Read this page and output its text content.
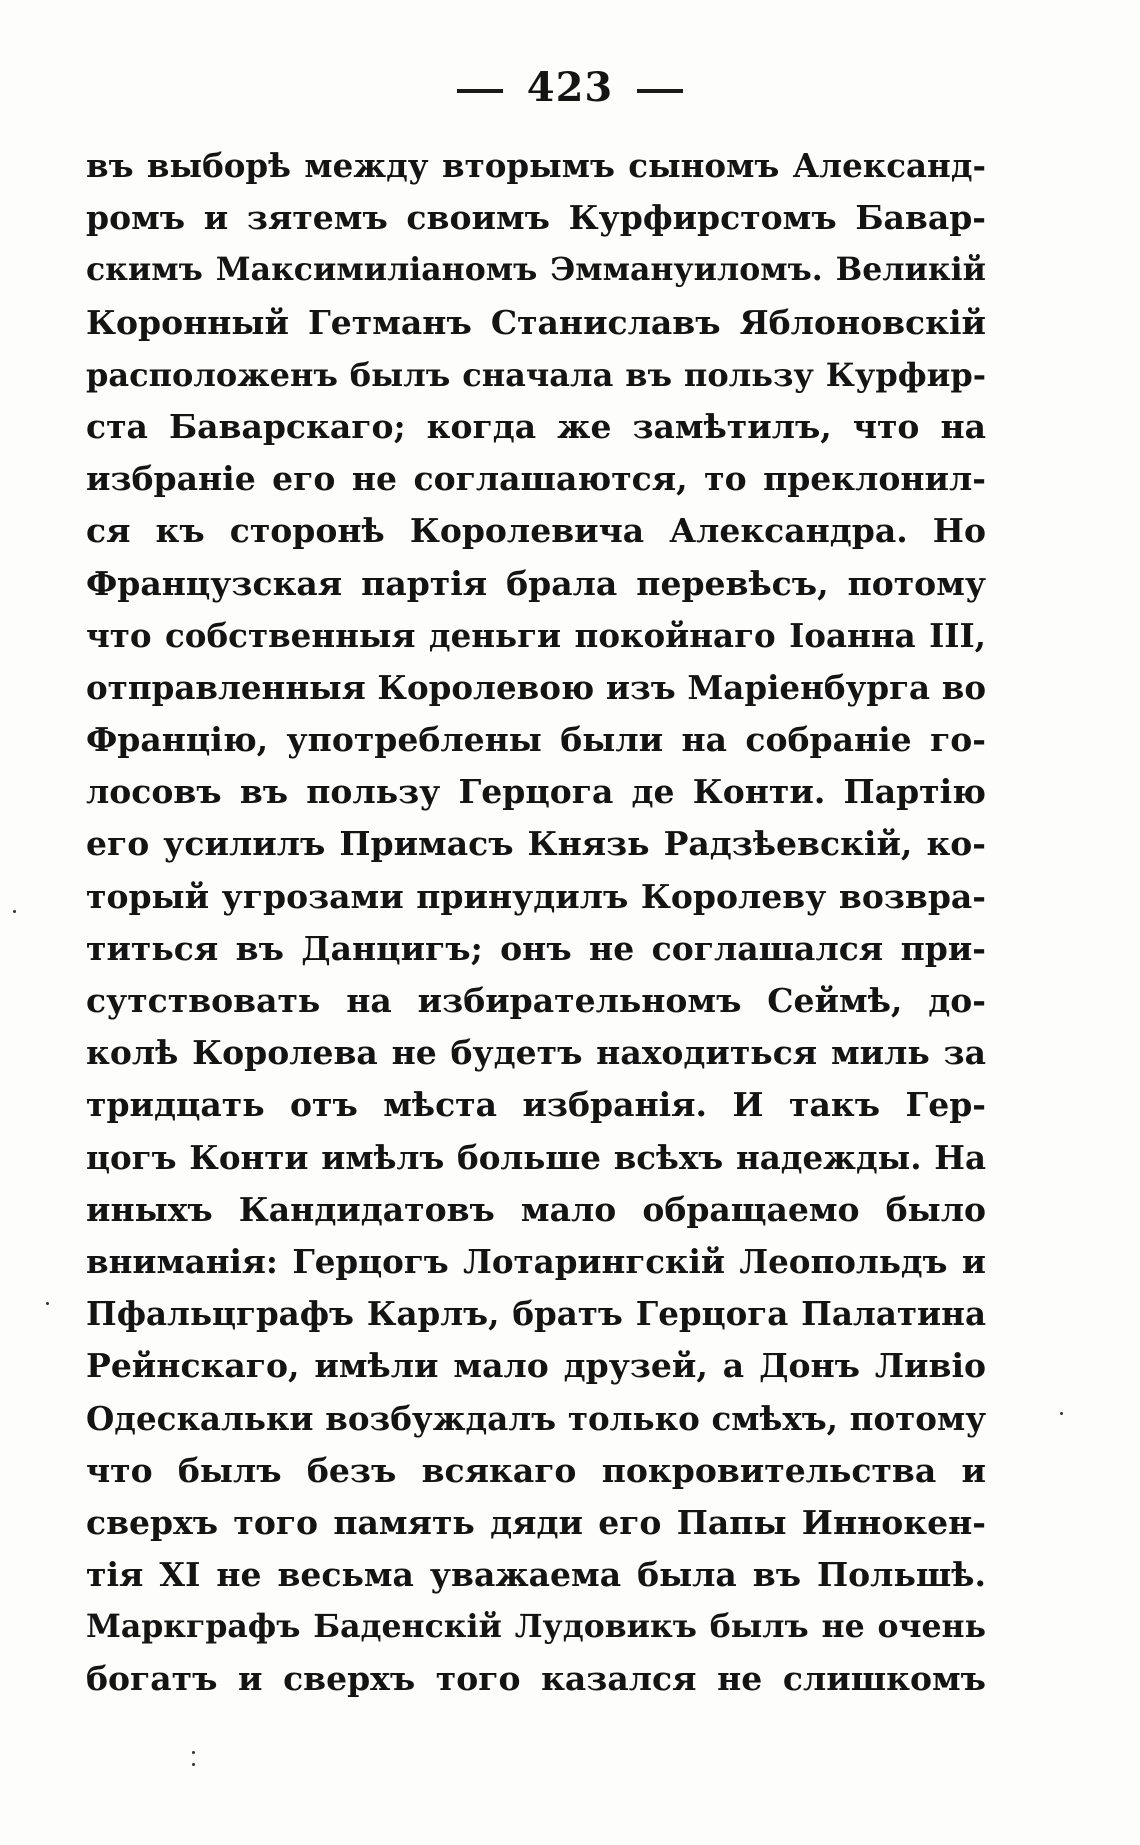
423
въ выборѣ между вторымъ сыномъ Александ-
ромъ и зятемъ своимъ Курфирстомъ Бавар-
скимъ Максимиліаномъ Эммануиломъ. Великій
Коронный Гетманъ Станиславъ Яблоновскій
расположенъ былъ сначала въ пользу Курфир-
ста Баварскаго; когда же замѣтилъ, что на
избраніе его не соглашаются, то преклонил-
ся къ сторонѣ Королевича Александра. Но
Французская партія брала перевѣсъ, потому
что собственныя деньги покойнаго Іоанна III,
отправленныя Королевою изъ Маріенбурга во
Францію, употреблены были на собраніе го-
лосовъ въ пользу Герцога де Конти. Партію
его усилилъ Примасъ Князь Радзѣевскій, ко-
торый угрозами принудилъ Королеву возвра-
титься въ Данцигъ; онъ не соглашался при-
сутствовать на избирательномъ Сеймѣ, до-
колѣ Королева не будетъ находиться миль за
тридцать отъ мѣста избранія. И такъ Гер-
цогъ Конти имѣлъ больше всѣхъ надежды. На
иныхъ Кандидатовъ мало обращаемо было
вниманія: Герцогъ Лотарингскій Леопольдъ и
Пфальцграфъ Карлъ, братъ Герцога Палатина
Рейнскаго, имѣли мало друзей, а Донъ Ливіо
Одескальки возбуждалъ только смѣхъ, потому
что былъ безъ всякаго покровительства и
сверхъ того память дяди его Папы Иннокен-
тія XI не весьма уважаема была въ Польшѣ.
Маркграфъ Баденскій Лудовикъ былъ не очень
богатъ и сверхъ того казался не слишкомъ
